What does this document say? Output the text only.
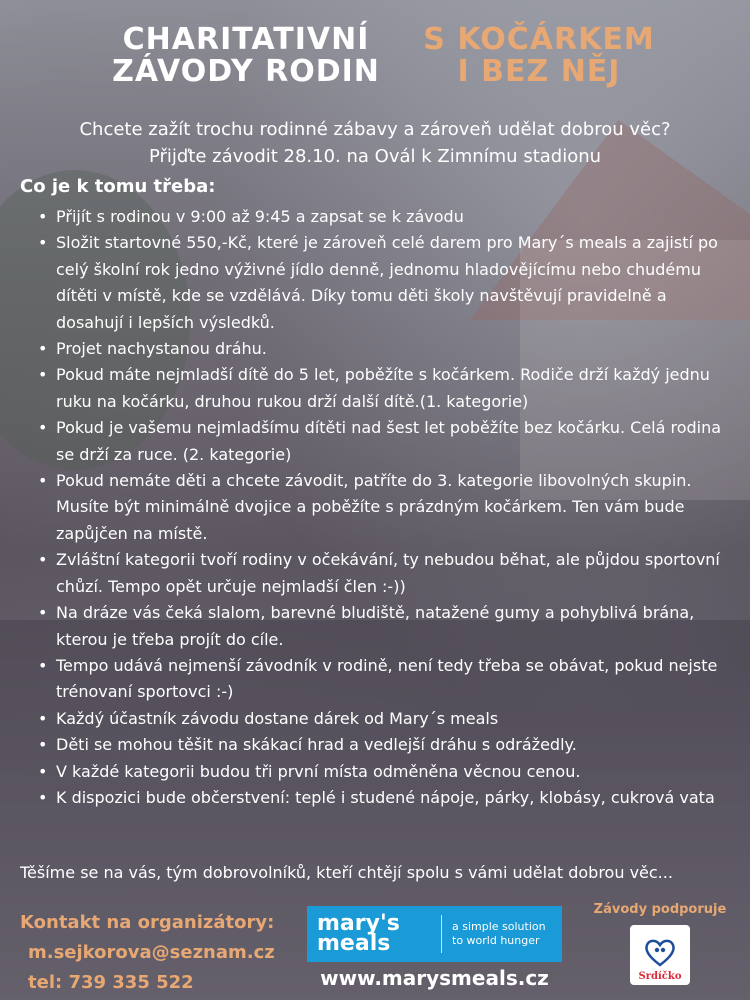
CHARITATIVNÍ
ZÁVODY RODIN
S KOČÁRKEM
I BEZ NĚJ
Chcete zažít trochu rodinné zábavy a zároveň udělat dobrou věc?
Přijďte závodit 28.10. na Ovál k Zimnímu stadionu
Co je k tomu třeba:
• Přijít s rodinou v 9:00 až 9:45 a zapsat se k závodu
• Složit startovné 550,-Kč, které je zároveň celé darem pro Mary´s meals a zajistí po celý školní rok jedno výživné jídlo denně, jednomu hladovějícímu nebo chudému dítěti v místě, kde se vzdělává. Díky tomu děti školy navštěvují pravidelně a dosahují i lepších výsledků.
• Projet nachystanou dráhu.
• Pokud máte nejmladší dítě do 5 let, poběžíte s kočárkem. Rodiče drží každý jednu ruku na kočárku, druhou rukou drží další dítě.(1. kategorie)
• Pokud je vašemu nejmladšímu dítěti nad šest let poběžíte bez kočárku. Celá rodina se drží za ruce. (2. kategorie)
• Pokud nemáte děti a chcete závodit, patříte do 3. kategorie libovolných skupin. Musíte být minimálně dvojice a poběžíte s prázdným kočárkem. Ten vám bude zapůjčen na místě.
• Zvláštní kategorii tvoří rodiny v očekávání, ty nebudou běhat, ale půjdou sportovní chůzí. Tempo opět určuje nejmladší člen :-))
• Na dráze vás čeká slalom, barevné bludiště, natažené gumy a pohyblivá brána, kterou je třeba projít do cíle.
• Tempo udává nejmenší závodník v rodině, není tedy třeba se obávat, pokud nejste trénovaní sportovci :-)
• Každý účastník závodu dostane dárek od Mary´s meals
• Děti se mohou těšit na skákací hrad a vedlejší dráhu s odrážedly.
• V každé kategorii budou tři první místa odměněna věcnou cenou.
• K dispozici bude občerstvení: teplé i studené nápoje, párky, klobásy, cukrová vata
Těšíme se na vás, tým dobrovolníků, kteří chtějí spolu s vámi udělat dobrou věc...
Kontakt na organizátory:
m.sejkorova@seznam.cz
tel: 739 335 522
mary's
meals
a simple solution
to world hunger
www.marysmeals.cz
Závody podporuje
Srdíčko
